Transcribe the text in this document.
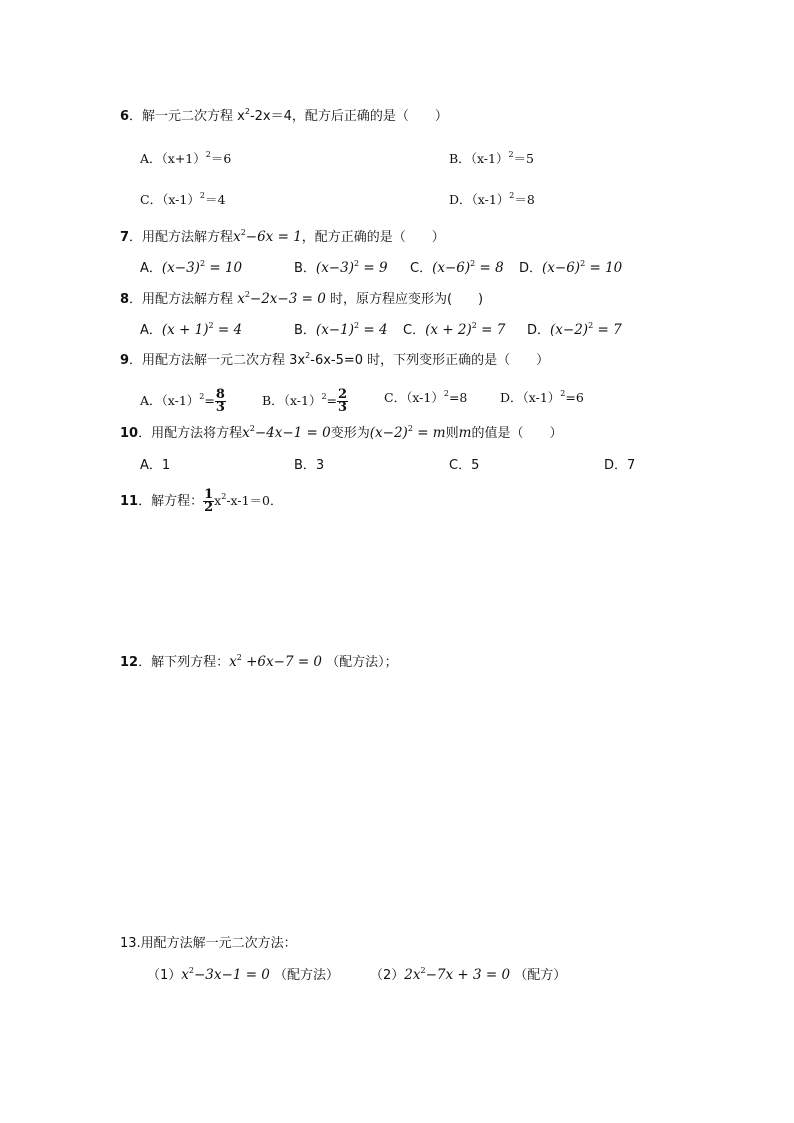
6．解一元二次方程 $x^2-2x=4$，配方后正确的是（　　）
A．$(x+1)^2=6$	B．$(x-1)^2=5$
C．$(x-1)^2=4$	D．$(x-1)^2=8$
7．用配方法解方程$x^2-6x = 1$，配方正确的是（　　）
A．$(x-3)^2 = 10$	B．$(x-3)^2 = 9$ C．$(x-6)^2 = 8$ D．$(x-6)^2 = 10$
8．用配方法解方程 $x^2-2x-3 = 0$ 时，原方程应变形为(　　)
A．$(x + 1)^2 = 4$	B．$(x-1)^2 = 4$ C．$(x + 2)^2 = 7$ D．$(x-2)^2 = 7$
9．用配方法解一元二次方程 $3x^2-6x-5=0$ 时，下列变形正确的是（　　）
A．$(x-1)^2= \frac{8}{3}$	B．$(x-1)^2= \frac{2}{3}$	C．$(x-1)^2=8$	D．$(x-1)^2=6$
10．用配方法将方程$x^2-4x-1 = 0$变形为$(x-2)^2 = m$则m的值是（　　）
A．1	B．3	C．5	D．7
11．解方程： $\frac{1}{2} x^2-x-1=0$．
12．解下列方程：$x^2 +6x-7 = 0$ （配方法）；
13.用配方法解一元二次方法：
$(1)x^2-3x-1 = 0$ （配方法） $(2)2x^2-7x + 3 = 0$ （配方）
